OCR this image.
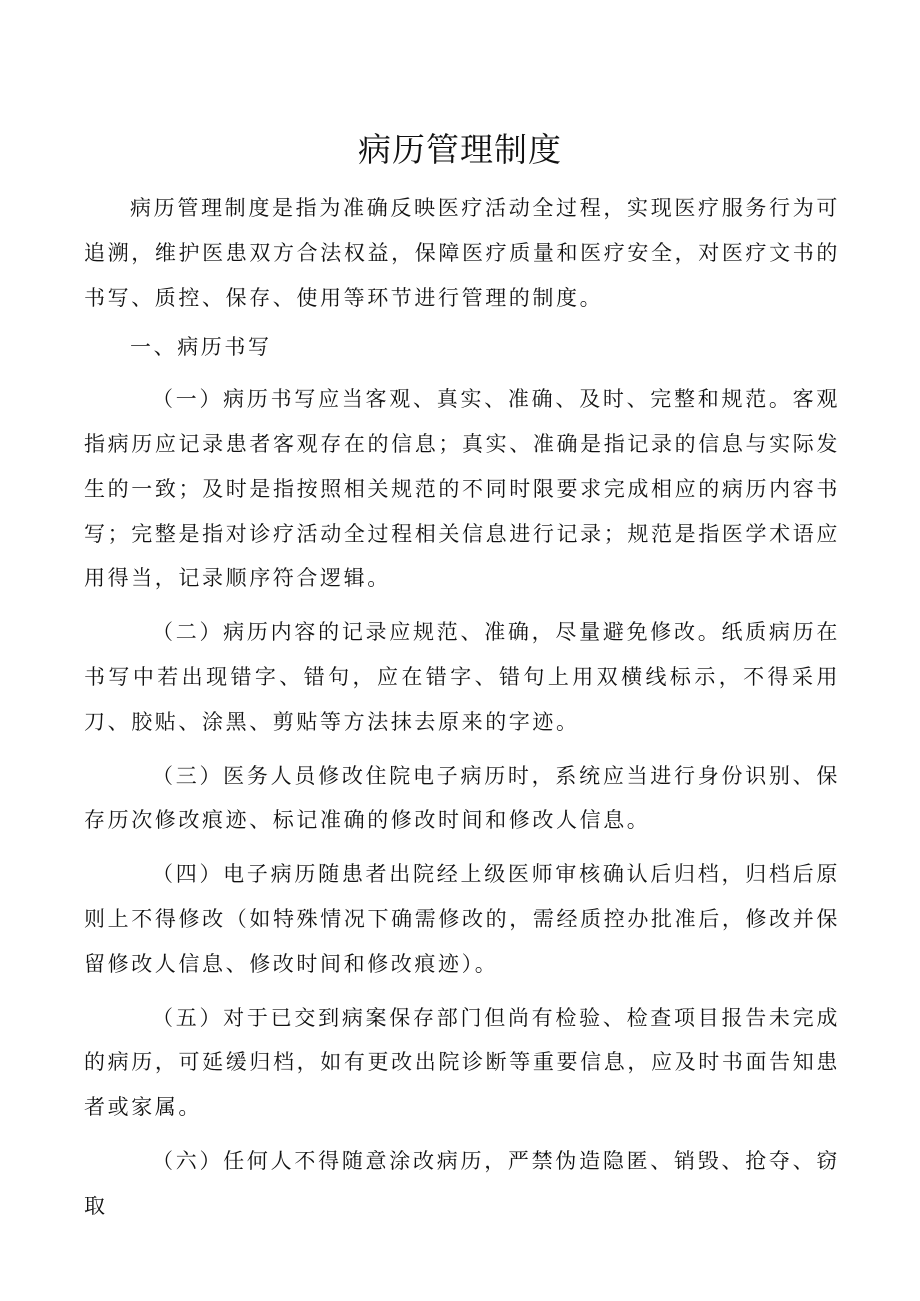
病历管理制度

病历管理制度是指为准确反映医疗活动全过程，实现医疗服务行为可追溯，维护医患双方合法权益，保障医疗质量和医疗安全，对医疗文书的书写、质控、保存、使用等环节进行管理的制度。

一、病历书写

（一）病历书写应当客观、真实、准确、及时、完整和规范。客观指病历应记录患者客观存在的信息；真实、准确是指记录的信息与实际发生的一致；及时是指按照相关规范的不同时限要求完成相应的病历内容书写；完整是指对诊疗活动全过程相关信息进行记录；规范是指医学术语应用得当，记录顺序符合逻辑。

（二）病历内容的记录应规范、准确，尽量避免修改。纸质病历在书写中若出现错字、错句，应在错字、错句上用双横线标示，不得采用刀、胶贴、涂黑、剪贴等方法抹去原来的字迹。

（三）医务人员修改住院电子病历时，系统应当进行身份识别、保存历次修改痕迹、标记准确的修改时间和修改人信息。

（四）电子病历随患者出院经上级医师审核确认后归档，归档后原则上不得修改（如特殊情况下确需修改的，需经质控办批准后，修改并保留修改人信息、修改时间和修改痕迹）。

（五）对于已交到病案保存部门但尚有检验、检查项目报告未完成的病历，可延缓归档，如有更改出院诊断等重要信息，应及时书面告知患者或家属。

（六）任何人不得随意涂改病历，严禁伪造隐匿、销毁、抢夺、窃取
